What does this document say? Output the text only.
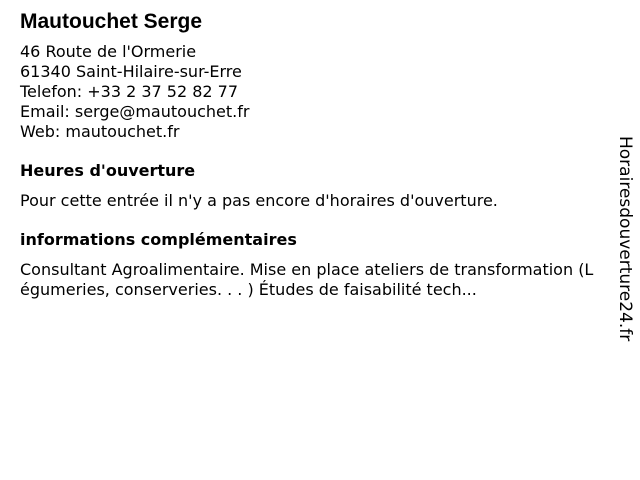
Mautouchet Serge
46 Route de l'Ormerie
61340 Saint-Hilaire-sur-Erre
Telefon: +33 2 37 52 82 77
Email: serge@mautouchet.fr
Web: mautouchet.fr
Heures d'ouverture
Pour cette entrée il n'y a pas encore d'horaires d'ouverture.
informations complémentaires
Consultant Agroalimentaire. Mise en place ateliers de transformation (Légumeries, conserveries. . . ) Études de faisabilité tech...	Horairesdouverture24.fr
